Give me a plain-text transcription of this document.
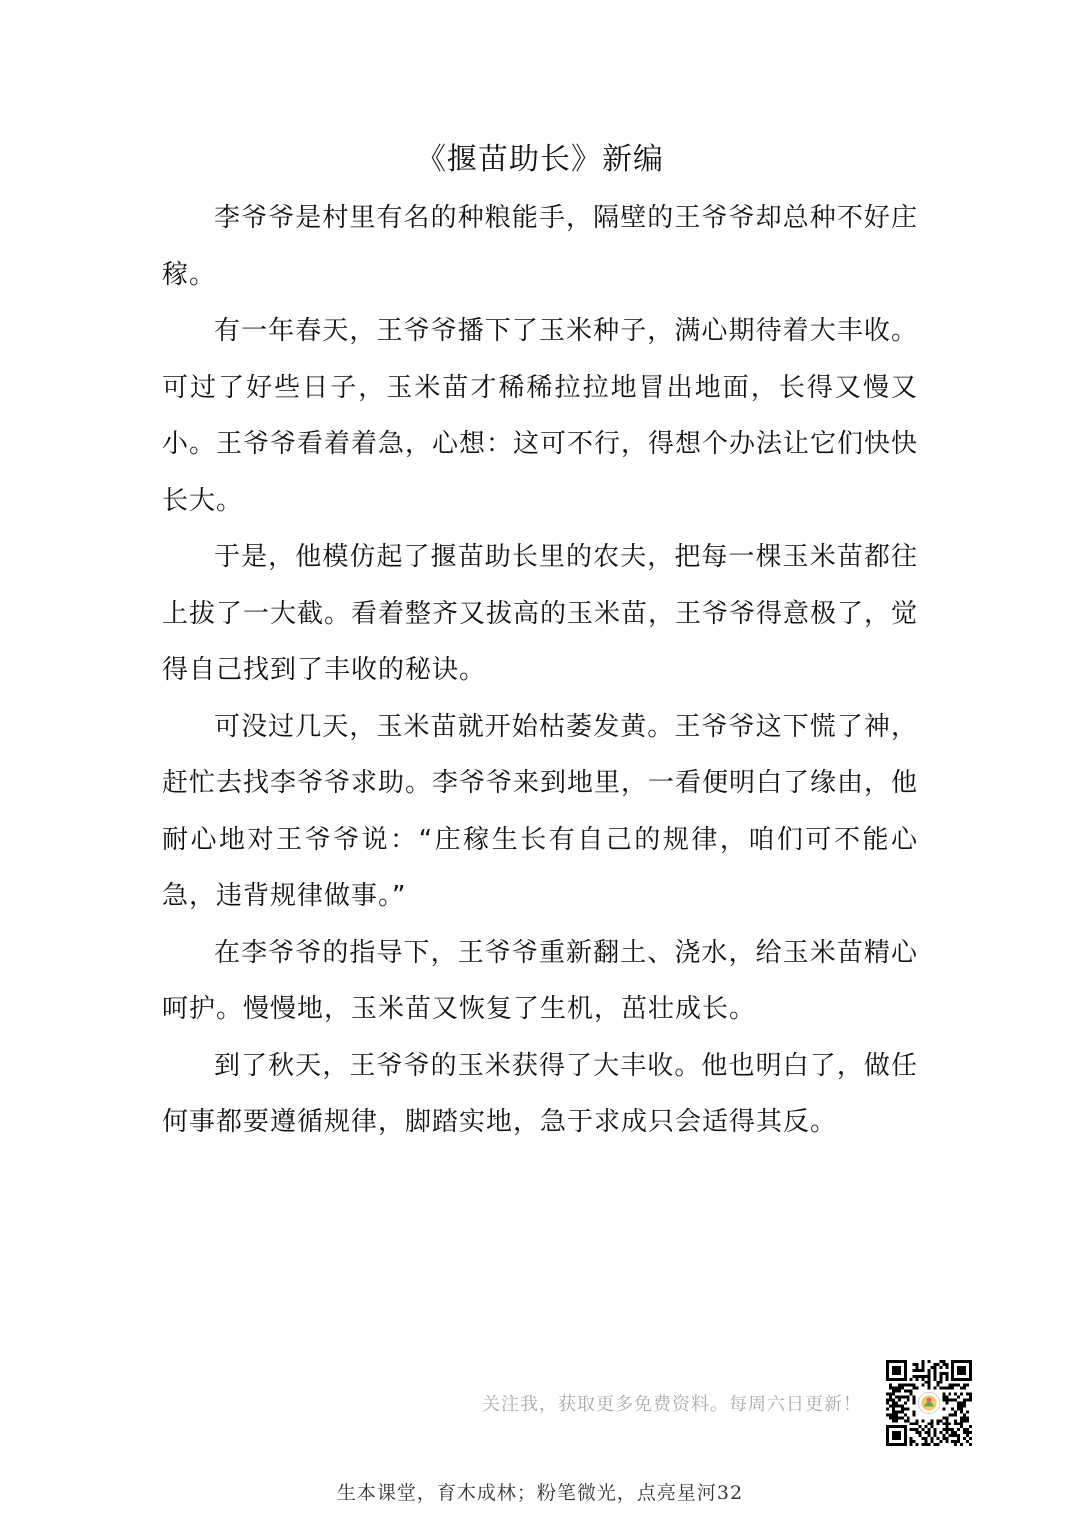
《揠苗助长》新编

李爷爷是村里有名的种粮能手，隔壁的王爷爷却总种不好庄稼。

有一年春天，王爷爷播下了玉米种子，满心期待着大丰收。可过了好些日子，玉米苗才稀稀拉拉地冒出地面，长得又慢又小。王爷爷看着着急，心想：这可不行，得想个办法让它们快快长大。

于是，他模仿起了揠苗助长里的农夫，把每一棵玉米苗都往上拔了一大截。看着整齐又拔高的玉米苗，王爷爷得意极了，觉得自己找到了丰收的秘诀。

可没过几天，玉米苗就开始枯萎发黄。王爷爷这下慌了神，赶忙去找李爷爷求助。李爷爷来到地里，一看便明白了缘由，他耐心地对王爷爷说：“庄稼生长有自己的规律，咱们可不能心急，违背规律做事。”

在李爷爷的指导下，王爷爷重新翻土、浇水，给玉米苗精心呵护。慢慢地，玉米苗又恢复了生机，茁壮成长。

到了秋天，王爷爷的玉米获得了大丰收。他也明白了，做任何事都要遵循规律，脚踏实地，急于求成只会适得其反。

关注我，获取更多免费资料。每周六日更新！
生本课堂，育木成林；粉笔微光，点亮星河32
